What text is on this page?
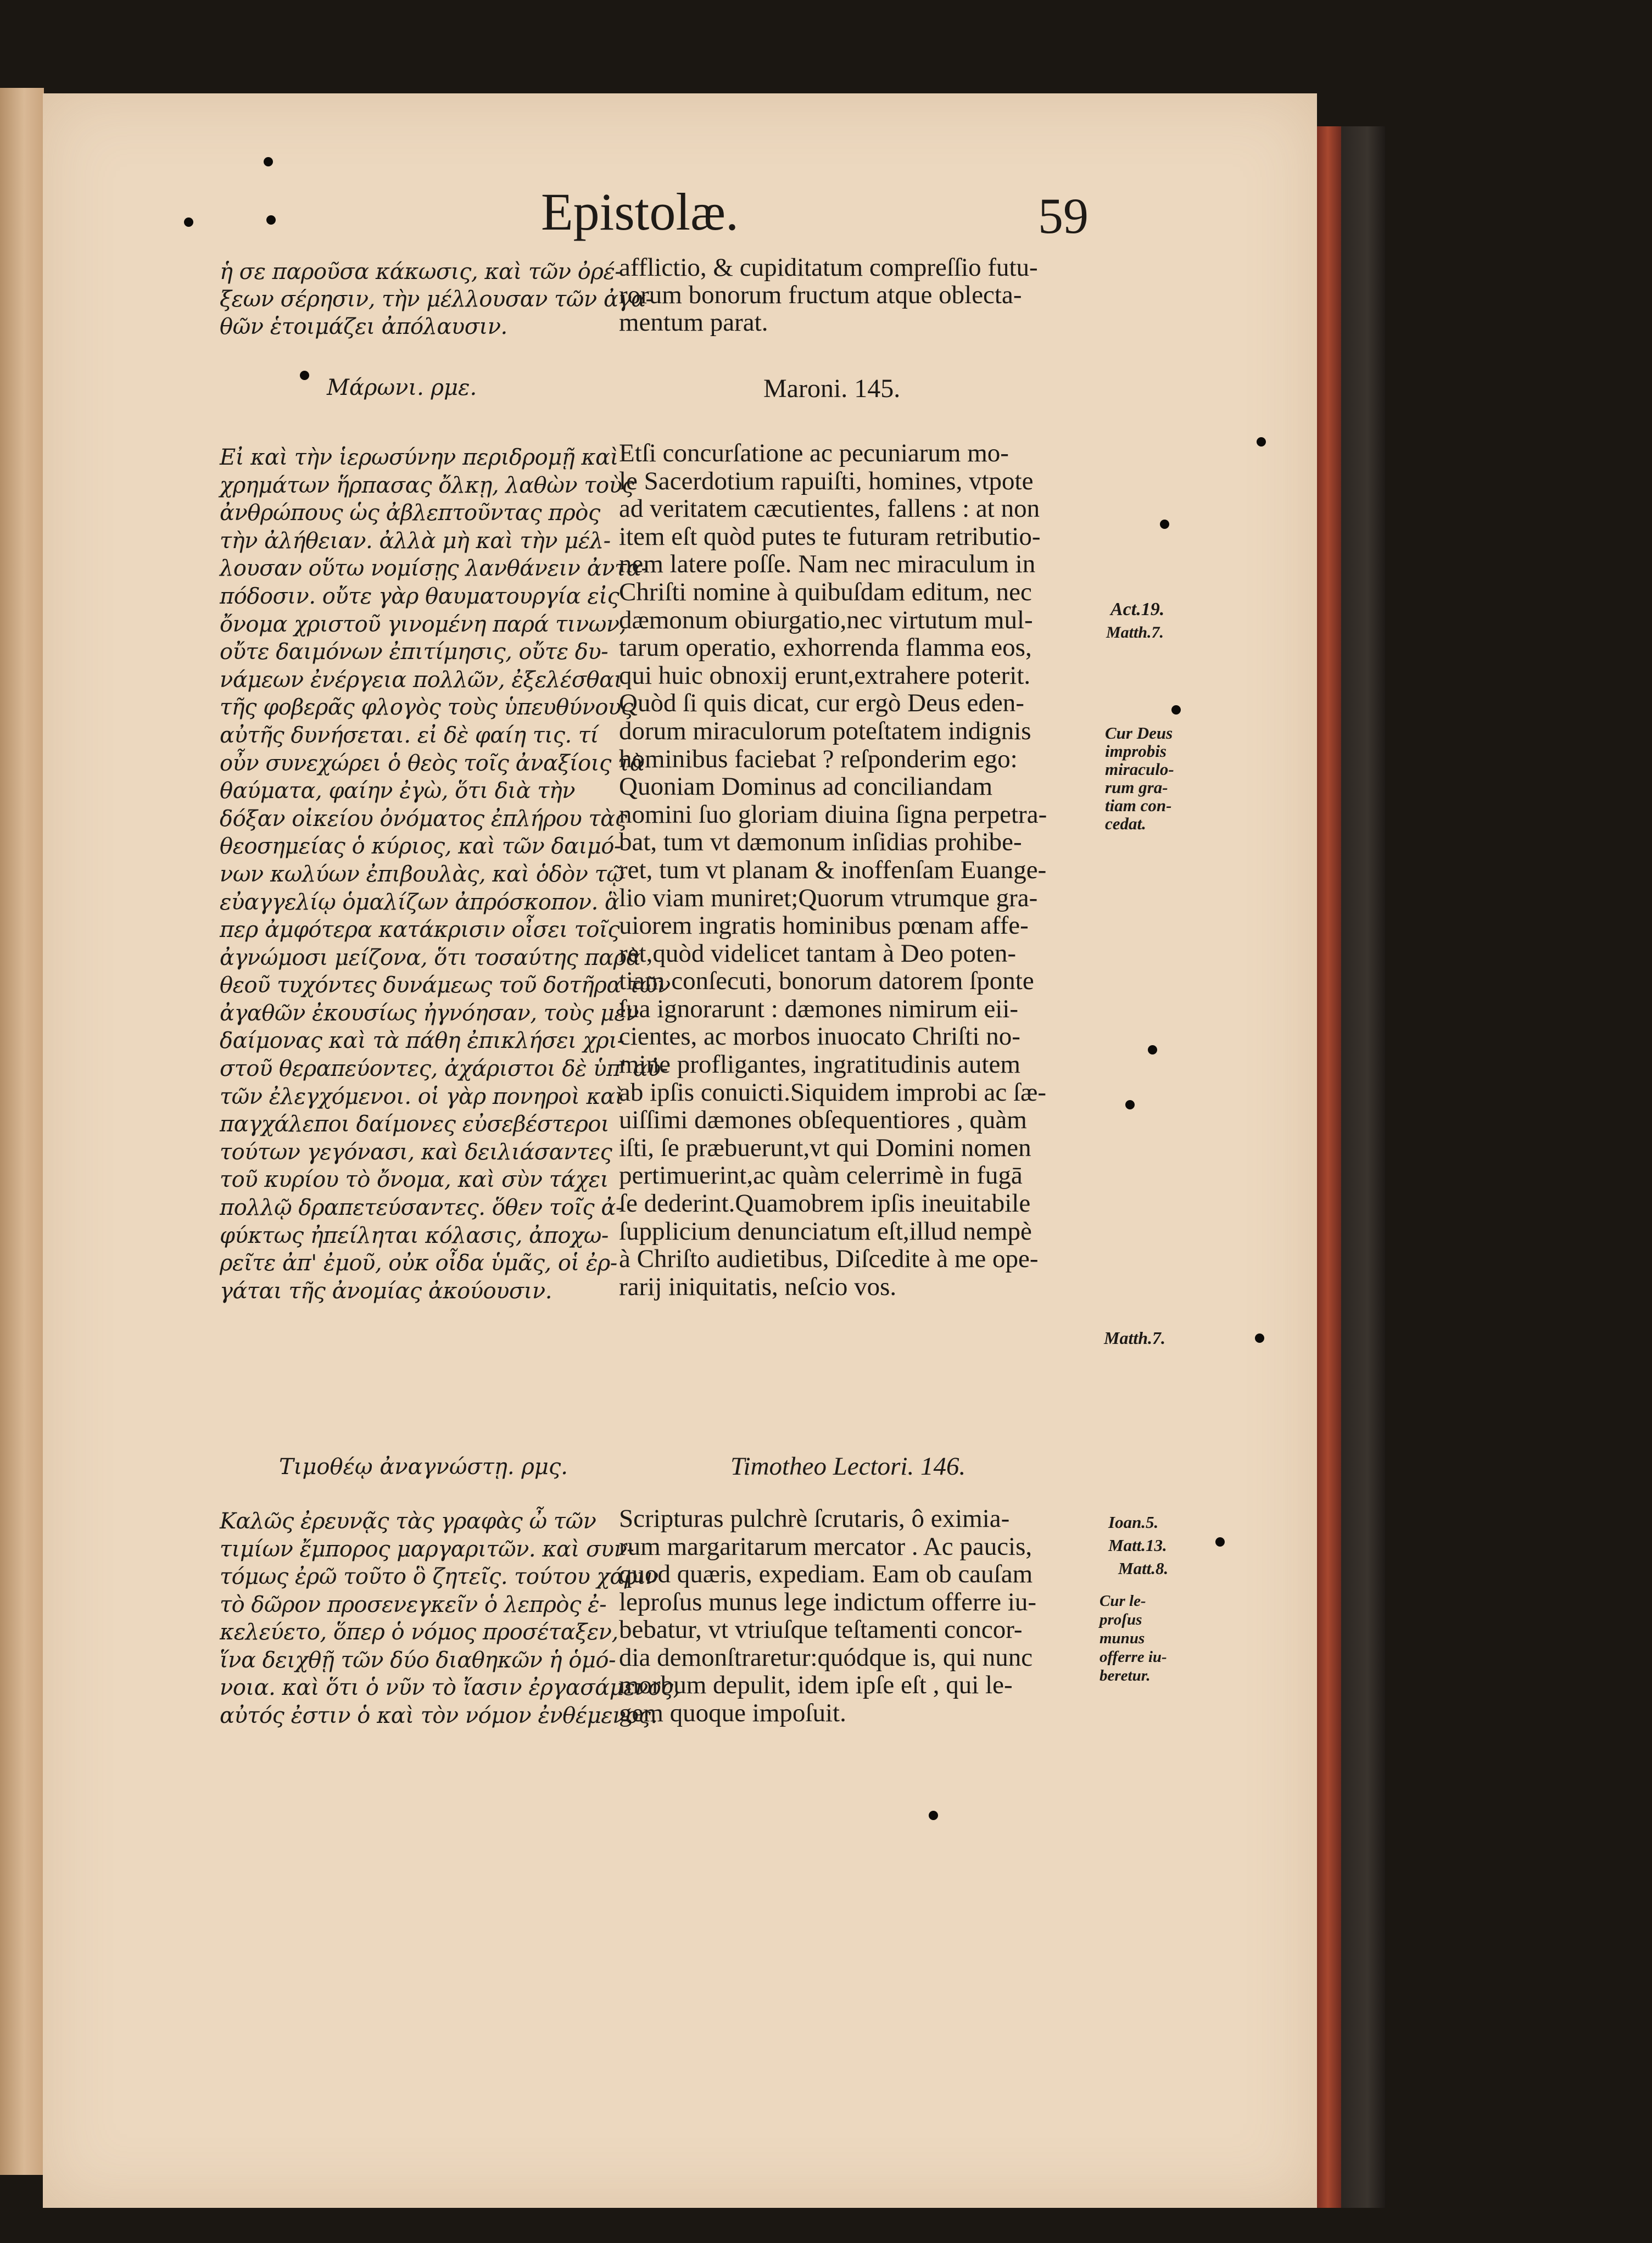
Epistolæ.	59
ἡ σε παροῦσα κάκωσις, καὶ τῶν ὀρέ-
ξεων σέρησιν, τὴν μέλλουσαν τῶν ἀγα-
θῶν ἑτοιμάζει ἀπόλαυσιν.
Μάρωνι. ρμε.
Εἰ καὶ τὴν ἱερωσύνην περιδρομῇ καὶ
χρημάτων ἥρπασας ὄλκῃ, λαθὼν τοὺς
ἀνθρώπους ὡς ἀβλεπτοῦντας πρὸς
τὴν ἀλήθειαν. ἀλλὰ μὴ καὶ τὴν μέλ-
λουσαν οὕτω νομίσῃς λανθάνειν ἀντα-
πόδοσιν. οὔτε γὰρ θαυματουργία εἰς
ὄνομα χριστοῦ γινομένη παρά τινων,
οὔτε δαιμόνων ἐπιτίμησις, οὔτε δυ-
νάμεων ἐνέργεια πολλῶν, ἐξελέσθαι
τῆς φοβερᾶς φλογὸς τοὺς ὑπευθύνους
αὐτῆς δυνήσεται. εἰ δὲ φαίη τις. τί
οὖν συνεχώρει ὁ θεὸς τοῖς ἀναξίοις τὰ
θαύματα, φαίην ἐγὼ, ὅτι διὰ τὴν
δόξαν οἰκείου ὀνόματος ἐπλήρου τὰς
θεοσημείας ὁ κύριος, καὶ τῶν δαιμό-
νων κωλύων ἐπιβουλὰς, καὶ ὁδὸν τῷ
εὐαγγελίῳ ὁμαλίζων ἀπρόσκοπον. ἃ
περ ἀμφότερα κατάκρισιν οἶσει τοῖς
ἀγνώμοσι μείζονα, ὅτι τοσαύτης παρὰ
θεοῦ τυχόντες δυνάμεως τοῦ δοτῆρα τῶν
ἀγαθῶν ἐκουσίως ἠγνόησαν, τοὺς μὲν
δαίμονας καὶ τὰ πάθη ἐπικλήσει χρι-
στοῦ θεραπεύοντες, ἀχάριστοι δὲ ὑπ' αὐ-
τῶν ἐλεγχόμενοι. οἱ γὰρ πονηροὶ καὶ
παγχάλεποι δαίμονες εὐσεβέστεροι
τούτων γεγόνασι, καὶ δειλιάσαντες
τοῦ κυρίου τὸ ὄνομα, καὶ σὺν τάχει
πολλῷ δραπετεύσαντες. ὅθεν τοῖς ἀ-
φύκτως ἠπείληται κόλασις, ἀποχω-
ρεῖτε ἀπ' ἐμοῦ, οὐκ οἶδα ὑμᾶς, οἱ ἐρ-
γάται τῆς ἀνομίας ἀκούουσιν.
Τιμοθέῳ ἀναγνώστῃ. ρμς.
Καλῶς ἐρευνᾷς τὰς γραφὰς ὦ τῶν
τιμίων ἔμπορος μαργαριτῶν. καὶ συν-
τόμως ἐρῶ τοῦτο ὃ ζητεῖς. τούτου χάριν
τὸ δῶρον προσενεγκεῖν ὁ λεπρὸς ἐ-
κελεύετο, ὅπερ ὁ νόμος προσέταξεν,
ἵνα δειχθῇ τῶν δύο διαθηκῶν ἡ ὁμό-
νοια. καὶ ὅτι ὁ νῦν τὸ ἴασιν ἐργασάμενος,
αὐτός ἐστιν ὁ καὶ τὸν νόμον ἐνθέμενος.
afflictio, & cupiditatum compreſſio futu-
rorum bonorum fructum atque oblecta-
mentum parat.
Maroni. 145.
Etſi concurſatione ac pecuniarum mo-
le Sacerdotium rapuiſti, homines, vtpote
ad veritatem cæcutientes, fallens : at non
item eſt quòd putes te futuram retributio-
nem latere poſſe. Nam nec miraculum in
Chriſti nomine à quibuſdam editum, nec
dæmonum obiurgatio,nec virtutum mul-
tarum operatio, exhorrenda flamma eos,
qui huic obnoxij erunt,extrahere poterit.
Quòd ſi quis dicat, cur ergò Deus eden-
dorum miraculorum poteſtatem indignis
hominibus faciebat ? reſponderim ego:
Quoniam Dominus ad conciliandam
nomini ſuo gloriam diuina ſigna perpetra-
bat, tum vt dæmonum inſidias prohibe-
ret, tum vt planam & inoffenſam Euange-
lio viam muniret;Quorum vtrumque gra-
uiorem ingratis hominibus pœnam affe-
ret,quòd videlicet tantam à Deo poten-
tiam conſecuti, bonorum datorem ſponte
ſua ignorarunt : dæmones nimirum eii-
cientes, ac morbos inuocato Chriſti no-
mine profligantes, ingratitudinis autem
ab ipſis conuicti.Siquidem improbi ac ſæ-
uiſſimi dæmones obſequentiores , quàm
iſti, ſe præbuerunt,vt qui Domini nomen
pertimuerint,ac quàm celerrimè in fugā
ſe dederint.Quamobrem ipſis ineuitabile
ſupplicium denunciatum eſt,illud nempè
à Chriſto audietibus, Diſcedite à me ope-
rarij iniquitatis, neſcio vos.
Timotheo Lectori. 146.
Scripturas pulchrè ſcrutaris, ô eximia-
rum margaritarum mercator . Ac paucis,
quod quæris, expediam. Eam ob cauſam
leproſus munus lege indictum offerre iu-
bebatur, vt vtriuſque teſtamenti concor-
dia demonſtraretur:quódque is, qui nunc
morbum depulit, idem ipſe eſt , qui le-
gem quoque impoſuit.
Act.19.
Matth.7.
Cur Deus
improbis
miraculo-
rum gra-
tiam con-
cedat.
Matth.7.
Ioan.5.
Matt.13.
Matt.8.
Cur le-
proſus
munus
offerre iu-
beretur.
